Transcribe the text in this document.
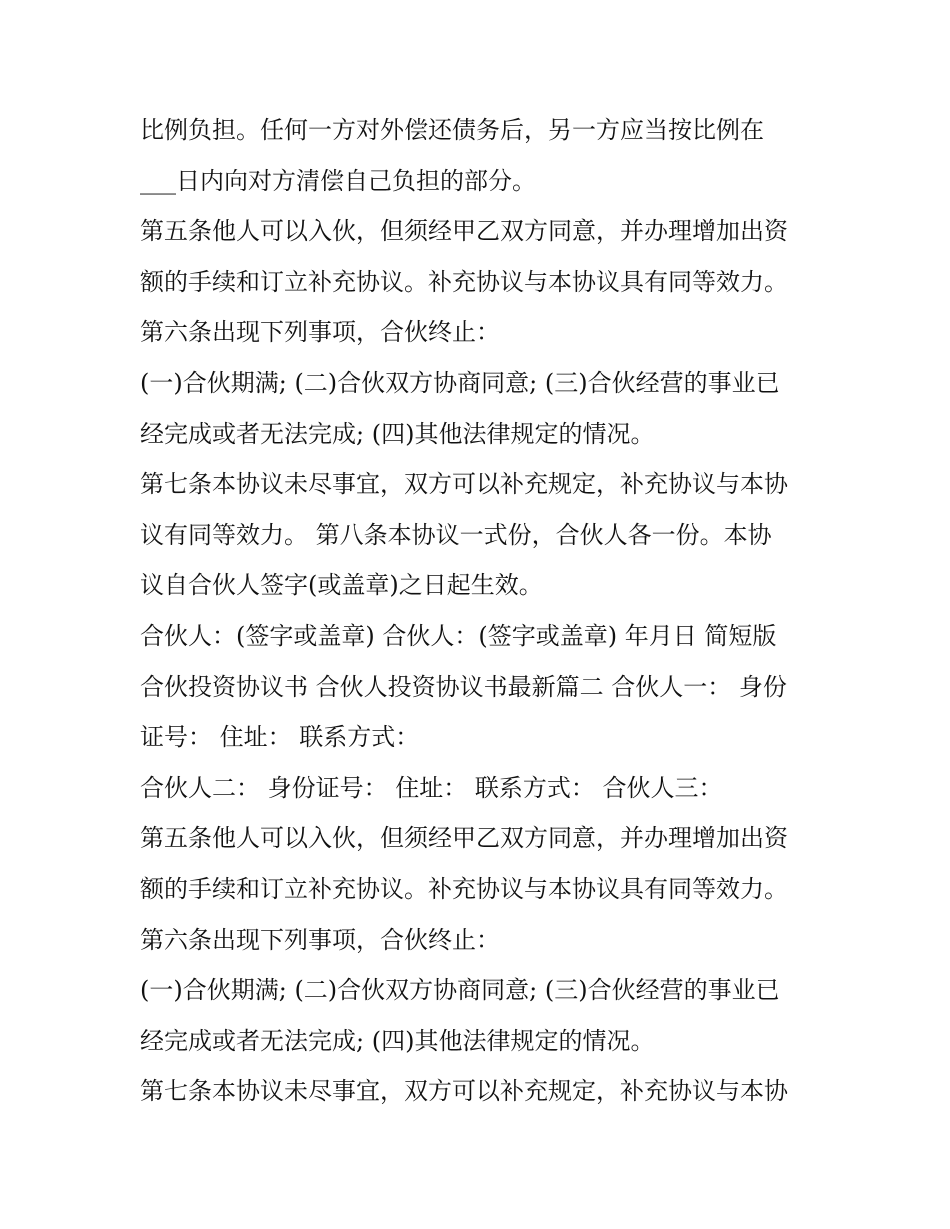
比例负担。任何一方对外偿还债务后，另一方应当按比例在
___日内向对方清偿自己负担的部分。
第五条他人可以入伙，但须经甲乙双方同意，并办理增加出资
额的手续和订立补充协议。补充协议与本协议具有同等效力。
第六条出现下列事项，合伙终止：
(一)合伙期满; (二)合伙双方协商同意; (三)合伙经营的事业已
经完成或者无法完成; (四)其他法律规定的情况。
第七条本协议未尽事宜，双方可以补充规定，补充协议与本协
议有同等效力。 第八条本协议一式份，合伙人各一份。本协
议自合伙人签字(或盖章)之日起生效。
合伙人：(签字或盖章) 合伙人：(签字或盖章) 年月日 简短版
合伙投资协议书 合伙人投资协议书最新篇二 合伙人一： 身份
证号： 住址： 联系方式：
合伙人二： 身份证号： 住址： 联系方式： 合伙人三：
第五条他人可以入伙，但须经甲乙双方同意，并办理增加出资
额的手续和订立补充协议。补充协议与本协议具有同等效力。
第六条出现下列事项，合伙终止：
(一)合伙期满; (二)合伙双方协商同意; (三)合伙经营的事业已
经完成或者无法完成; (四)其他法律规定的情况。
第七条本协议未尽事宜，双方可以补充规定，补充协议与本协
